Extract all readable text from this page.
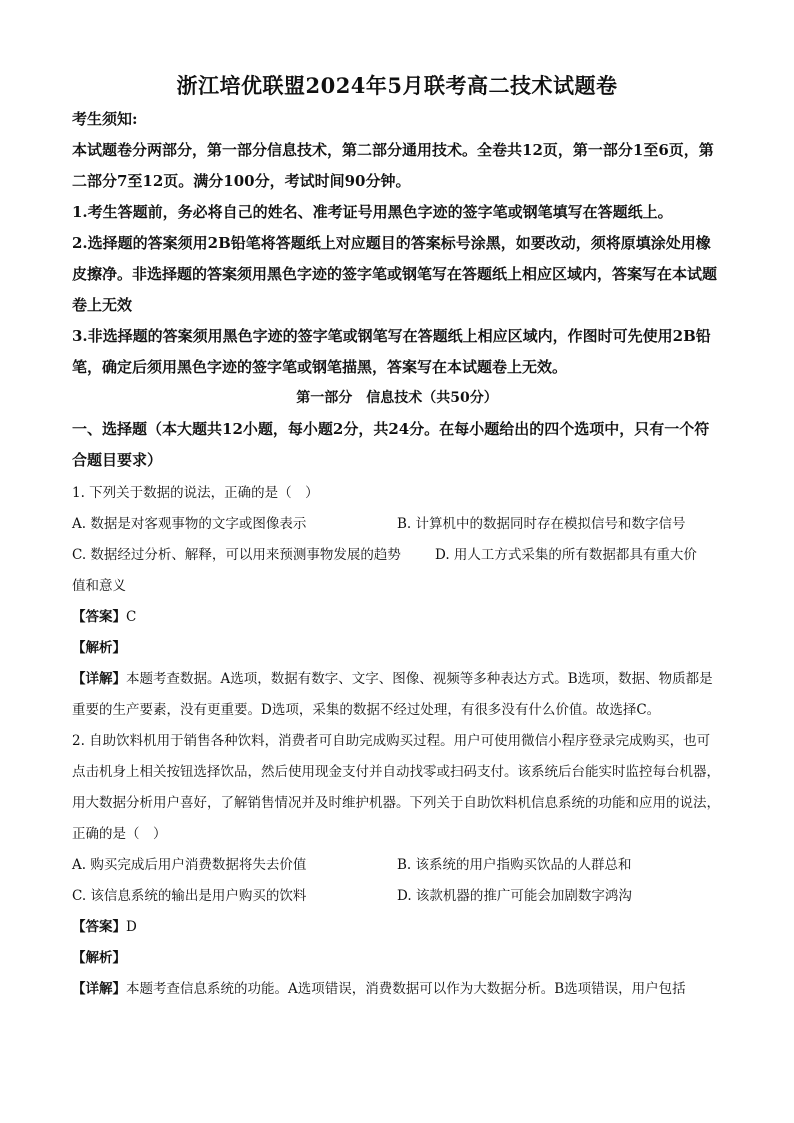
浙江培优联盟2024年5月联考高二技术试题卷
考生须知:
本试题卷分两部分，第一部分信息技术，第二部分通用技术。全卷共12页，第一部分1至6页，第二部分7至12页。满分100分，考试时间90分钟。
1.考生答题前，务必将自己的姓名、准考证号用黑色字迹的签字笔或钢笔填写在答题纸上。
2.选择题的答案须用2B铅笔将答题纸上对应题目的答案标号涂黑，如要改动，须将原填涂处用橡皮擦净。非选择题的答案须用黑色字迹的签字笔或钢笔写在答题纸上相应区域内，答案写在本试题卷上无效
3.非选择题的答案须用黑色字迹的签字笔或钢笔写在答题纸上相应区域内，作图时可先使用2B铅笔，确定后须用黑色字迹的签字笔或钢笔描黑，答案写在本试题卷上无效。
第一部分　信息技术（共50分）
一、选择题（本大题共12小题，每小题2分，共24分。在每小题给出的四个选项中，只有一个符合题目要求）
1. 下列关于数据的说法，正确的是（　）
A. 数据是对客观事物的文字或图像表示	B. 计算机中的数据同时存在模拟信号和数字信号
C. 数据经过分析、解释，可以用来预测事物发展的趋势	D. 用人工方式采集的所有数据都具有重大价
值和意义
【答案】C
【解析】
【详解】本题考查数据。A选项，数据有数字、文字、图像、视频等多种表达方式。B选项，数据、物质都是重要的生产要素，没有更重要。D选项，采集的数据不经过处理，有很多没有什么价值。故选择C。
2. 自助饮料机用于销售各种饮料，消费者可自助完成购买过程。用户可使用微信小程序登录完成购买，也可点击机身上相关按钮选择饮品，然后使用现金支付并自动找零或扫码支付。该系统后台能实时监控每台机器，用大数据分析用户喜好，了解销售情况并及时维护机器。下列关于自助饮料机信息系统的功能和应用的说法，正确的是（　）
A. 购买完成后用户消费数据将失去价值	B. 该系统的用户指购买饮品的人群总和
C. 该信息系统的输出是用户购买的饮料	D. 该款机器的推广可能会加剧数字鸿沟
【答案】D
【解析】
【详解】本题考查信息系统的功能。A选项错误，消费数据可以作为大数据分析。B选项错误，用户包括
